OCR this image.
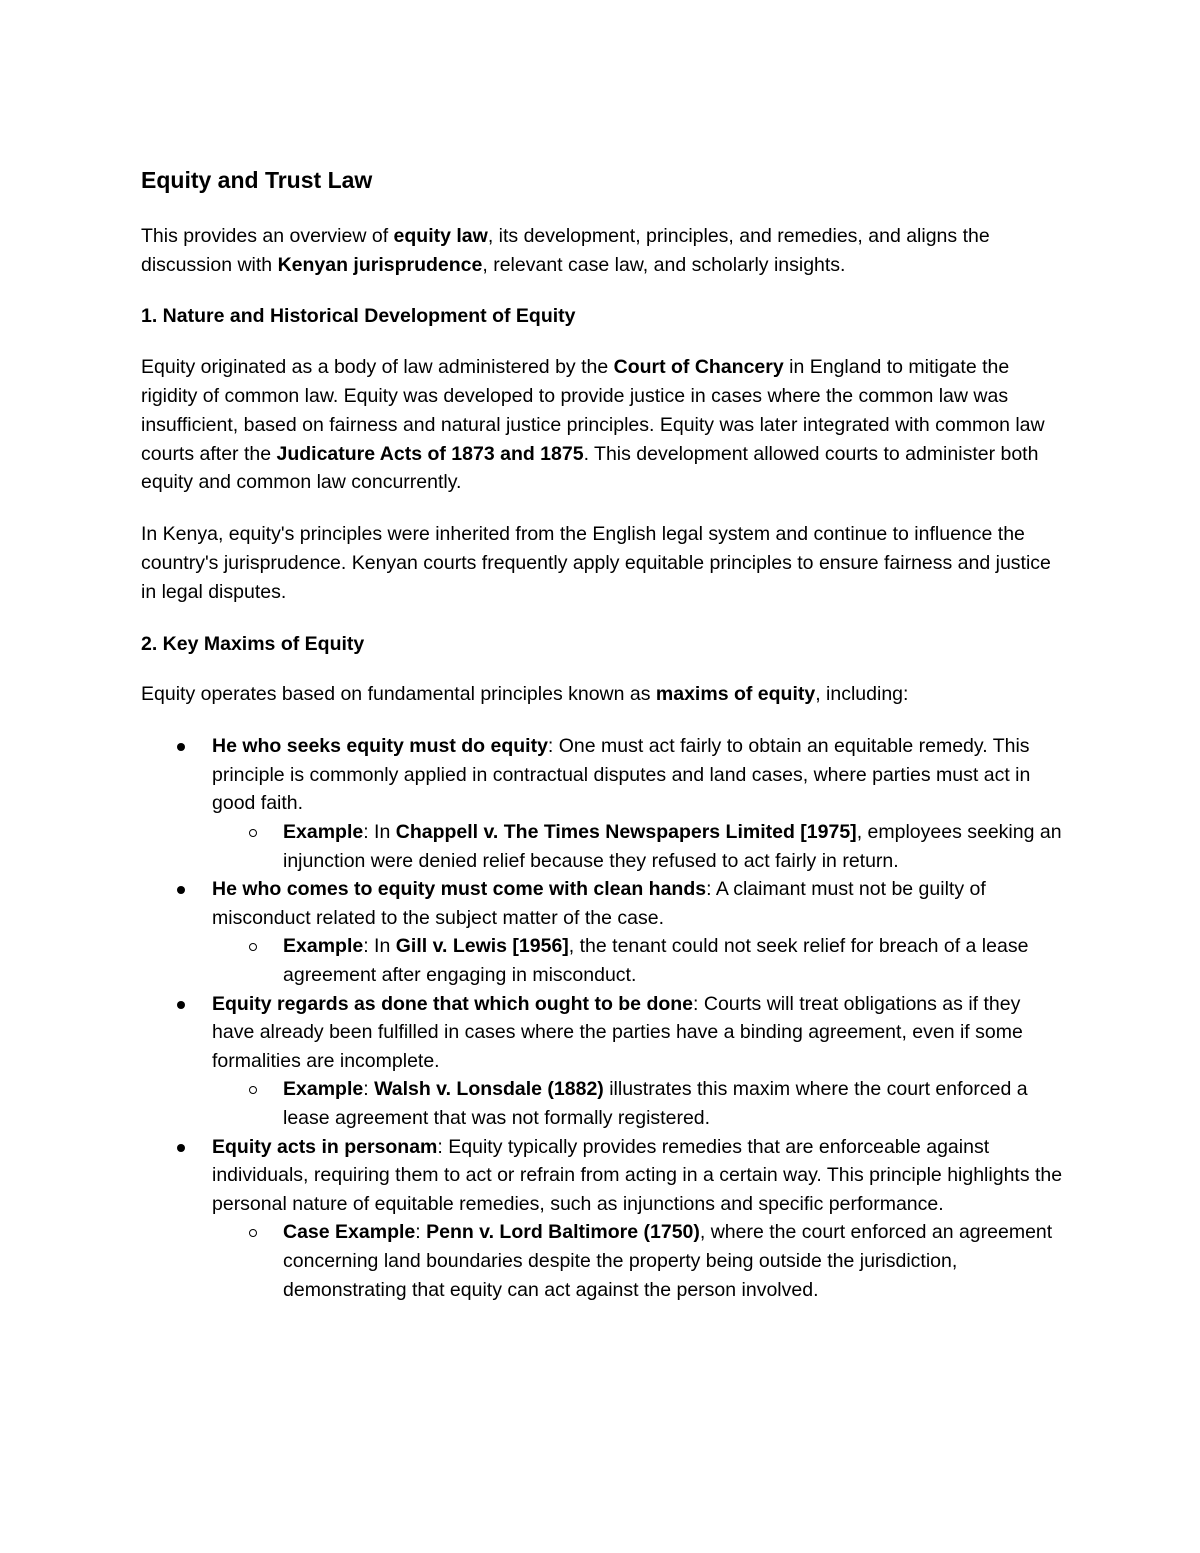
Equity and Trust Law

This provides an overview of equity law, its development, principles, and remedies, and aligns the discussion with Kenyan jurisprudence, relevant case law, and scholarly insights.

1. Nature and Historical Development of Equity

Equity originated as a body of law administered by the Court of Chancery in England to mitigate the rigidity of common law. Equity was developed to provide justice in cases where the common law was insufficient, based on fairness and natural justice principles. Equity was later integrated with common law courts after the Judicature Acts of 1873 and 1875. This development allowed courts to administer both equity and common law concurrently.

In Kenya, equity's principles were inherited from the English legal system and continue to influence the country's jurisprudence. Kenyan courts frequently apply equitable principles to ensure fairness and justice in legal disputes.

2. Key Maxims of Equity

Equity operates based on fundamental principles known as maxims of equity, including:

He who seeks equity must do equity: One must act fairly to obtain an equitable remedy. This principle is commonly applied in contractual disputes and land cases, where parties must act in good faith.
Example: In Chappell v. The Times Newspapers Limited [1975], employees seeking an injunction were denied relief because they refused to act fairly in return.
He who comes to equity must come with clean hands: A claimant must not be guilty of misconduct related to the subject matter of the case.
Example: In Gill v. Lewis [1956], the tenant could not seek relief for breach of a lease agreement after engaging in misconduct.
Equity regards as done that which ought to be done: Courts will treat obligations as if they have already been fulfilled in cases where the parties have a binding agreement, even if some formalities are incomplete.
Example: Walsh v. Lonsdale (1882) illustrates this maxim where the court enforced a lease agreement that was not formally registered.
Equity acts in personam: Equity typically provides remedies that are enforceable against individuals, requiring them to act or refrain from acting in a certain way. This principle highlights the personal nature of equitable remedies, such as injunctions and specific performance.
Case Example: Penn v. Lord Baltimore (1750), where the court enforced an agreement concerning land boundaries despite the property being outside the jurisdiction, demonstrating that equity can act against the person involved.
